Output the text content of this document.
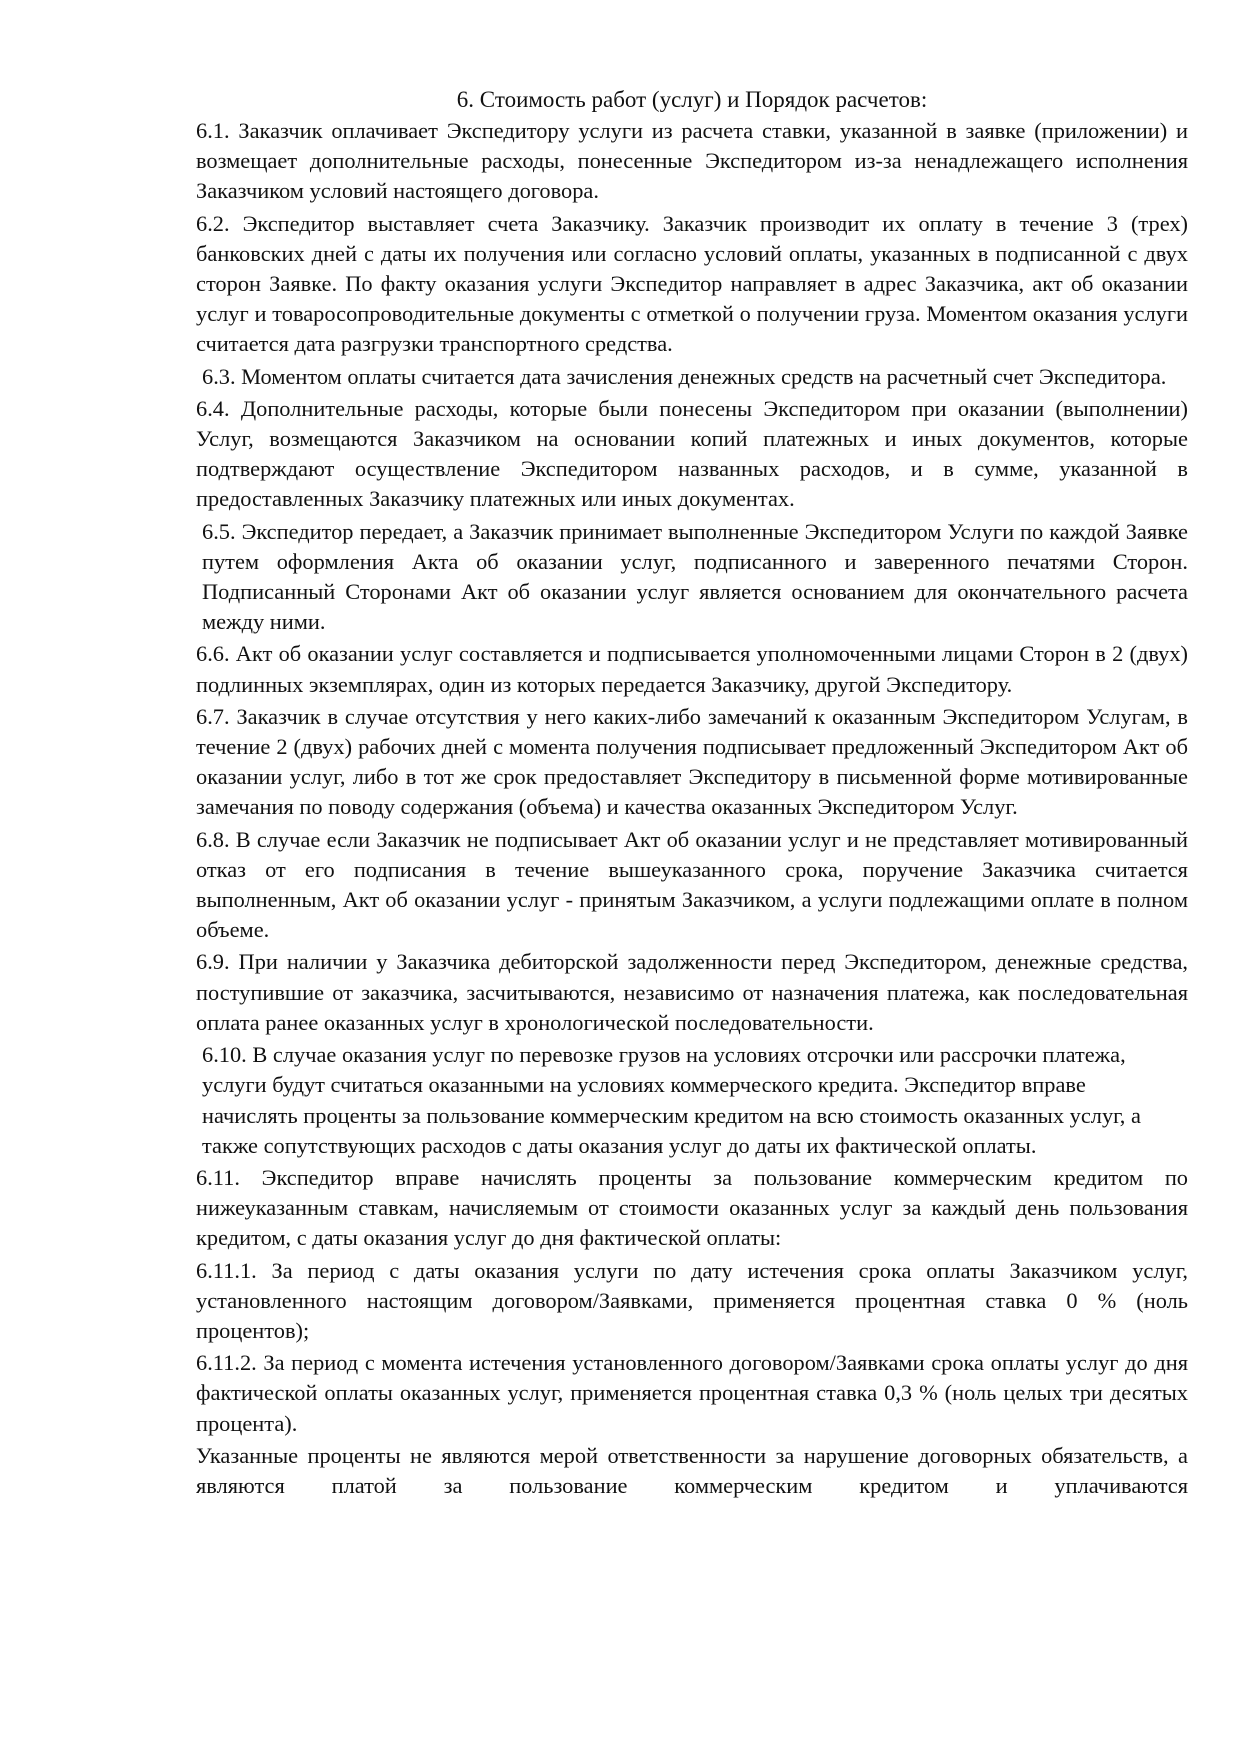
6. Стоимость работ (услуг) и Порядок расчетов:

6.1. Заказчик оплачивает Экспедитору услуги из расчета ставки, указанной в заявке (приложении) и возмещает дополнительные расходы, понесенные Экспедитором из-за ненадлежащего исполнения Заказчиком условий настоящего договора.

6.2. Экспедитор выставляет счета Заказчику. Заказчик производит их оплату в течение 3 (трех) банковских дней с даты их получения или согласно условий оплаты, указанных в подписанной с двух сторон Заявке. По факту оказания услуги Экспедитор направляет в адрес Заказчика, акт об оказании услуг и товаросопроводительные документы с отметкой о получении груза. Моментом оказания услуги считается дата разгрузки транспортного средства.

6.3. Моментом оплаты считается дата зачисления денежных средств на расчетный счет Экспедитора.

6.4. Дополнительные расходы, которые были понесены Экспедитором при оказании (выполнении) Услуг, возмещаются Заказчиком на основании копий платежных и иных документов, которые подтверждают осуществление Экспедитором названных расходов, и в сумме, указанной в предоставленных Заказчику платежных или иных документах.

6.5. Экспедитор передает, а Заказчик принимает выполненные Экспедитором Услуги по каждой Заявке путем оформления Акта об оказании услуг, подписанного и заверенного печатями Сторон. Подписанный Сторонами Акт об оказании услуг является основанием для окончательного расчета между ними.

6.6. Акт об оказании услуг составляется и подписывается уполномоченными лицами Сторон в 2 (двух) подлинных экземплярах, один из которых передается Заказчику, другой Экспедитору.

6.7. Заказчик в случае отсутствия у него каких-либо замечаний к оказанным Экспедитором Услугам, в течение 2 (двух) рабочих дней с момента получения подписывает предложенный Экспедитором Акт об оказании услуг, либо в тот же срок предоставляет Экспедитору в письменной форме мотивированные замечания по поводу содержания (объема) и качества оказанных Экспедитором Услуг.

6.8. В случае если Заказчик не подписывает Акт об оказании услуг и не представляет мотивированный отказ от его подписания в течение вышеуказанного срока, поручение Заказчика считается выполненным, Акт об оказании услуг - принятым Заказчиком, а услуги подлежащими оплате в полном объеме.

6.9. При наличии у Заказчика дебиторской задолженности перед Экспедитором, денежные средства, поступившие от заказчика, засчитываются, независимо от назначения платежа, как последовательная оплата ранее оказанных услуг в хронологической последовательности.

6.10. В случае оказания услуг по перевозке грузов на условиях отсрочки или рассрочки платежа, услуги будут считаться оказанными на условиях коммерческого кредита. Экспедитор вправе начислять проценты за пользование коммерческим кредитом на всю стоимость оказанных услуг, а также сопутствующих расходов с даты оказания услуг до даты их фактической оплаты.

6.11. Экспедитор вправе начислять проценты за пользование коммерческим кредитом по нижеуказанным ставкам, начисляемым от стоимости оказанных услуг за каждый день пользования кредитом, с даты оказания услуг до дня фактической оплаты:

6.11.1. За период с даты оказания услуги по дату истечения срока оплаты Заказчиком услуг, установленного настоящим договором/Заявками, применяется процентная ставка 0 % (ноль процентов);

6.11.2. За период с момента истечения установленного договором/Заявками срока оплаты услуг до дня фактической оплаты оказанных услуг, применяется процентная ставка 0,3 % (ноль целых три десятых процента).

Указанные проценты не являются мерой ответственности за нарушение договорных обязательств, а являются платой за пользование коммерческим кредитом и уплачиваются
